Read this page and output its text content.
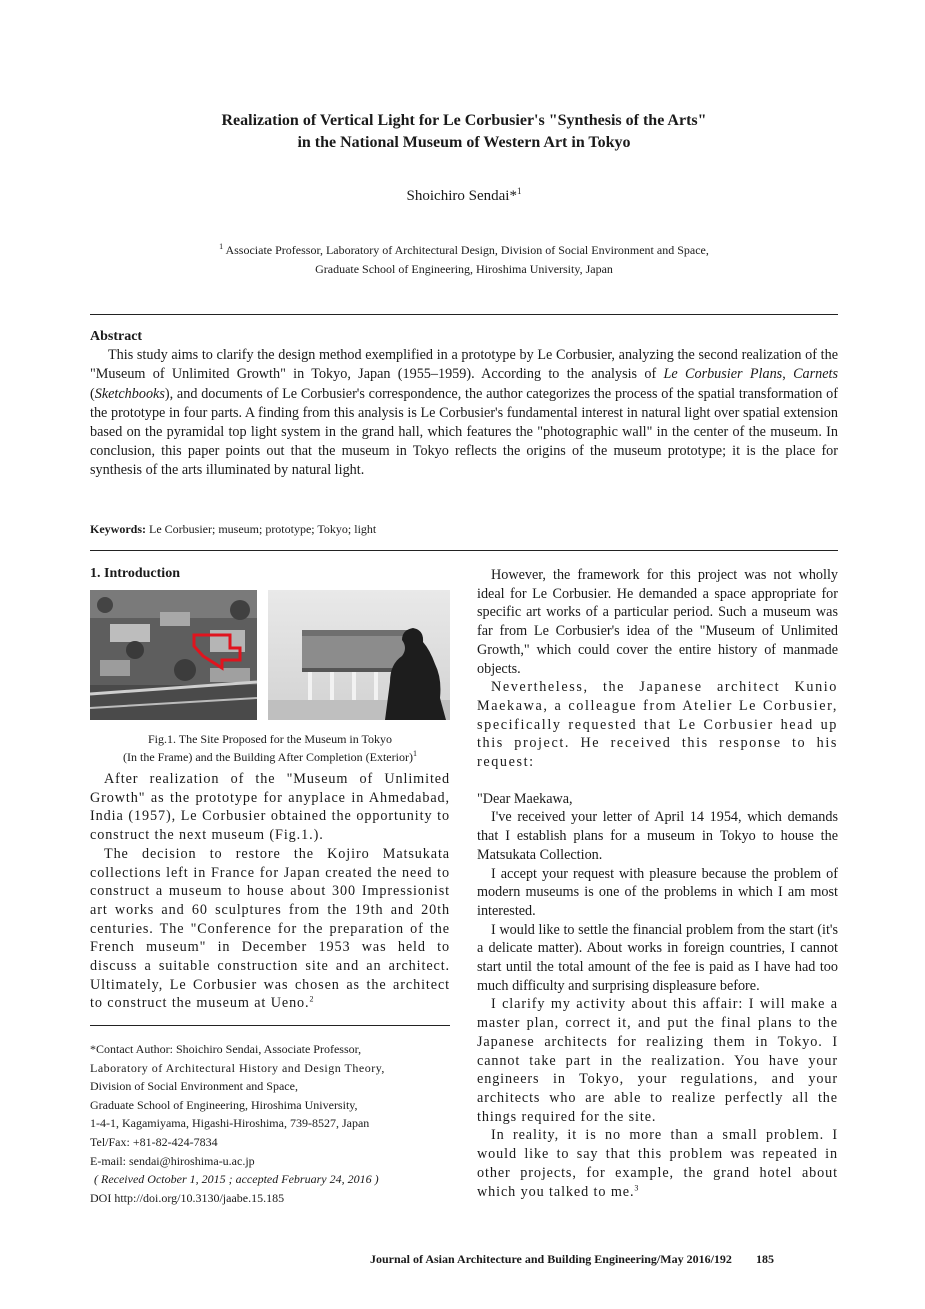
Realization of Vertical Light for Le Corbusier's "Synthesis of the Arts"
in the National Museum of Western Art in Tokyo
Shoichiro Sendai*$^1$
$^1$ Associate Professor, Laboratory of Architectural Design, Division of Social Environment and Space,
Graduate School of Engineering, Hiroshima University, Japan
Abstract

This study aims to clarify the design method exemplified in a prototype by Le Corbusier, analyzing the second realization of the "Museum of Unlimited Growth" in Tokyo, Japan (1955–1959). According to the analysis of Le Corbusier Plans, Carnets (Sketchbooks), and documents of Le Corbusier's correspondence, the author categorizes the process of the spatial transformation of the prototype in four parts. A finding from this analysis is Le Corbusier's fundamental interest in natural light over spatial extension based on the pyramidal top light system in the grand hall, which features the "photographic wall" in the center of the museum. In conclusion, this paper points out that the museum in Tokyo reflects the origins of the museum prototype; it is the place for synthesis of the arts illuminated by natural light.

Keywords: Le Corbusier; museum; prototype; Tokyo; light
1. Introduction
Fig.1. The Site Proposed for the Museum in Tokyo
(In the Frame) and the Building After Completion (Exterior)$^1$

After realization of the "Museum of Unlimited Growth" as the prototype for anyplace in Ahmedabad, India (1957), Le Corbusier obtained the opportunity to construct the next museum (Fig.1.).

The decision to restore the Kojiro Matsukata collections left in France for Japan created the need to construct a museum to house about 300 Impressionist art works and 60 sculptures from the 19th and 20th centuries. The "Conference for the preparation of the French museum" in December 1953 was held to discuss a suitable construction site and an architect. Ultimately, Le Corbusier was chosen as the architect to construct the museum at Ueno.$^2$

*Contact Author: Shoichiro Sendai, Associate Professor,
Laboratory of Architectural History and Design Theory,
Division of Social Environment and Space,
Graduate School of Engineering, Hiroshima University,
1-4-1, Kagamiyama, Higashi-Hiroshima, 739-8527, Japan
Tel/Fax: +81-82-424-7834
E-mail: sendai@hiroshima-u.ac.jp
( Received October 1, 2015 ; accepted February 24, 2016 )
DOI http://doi.org/10.3130/jaabe.15.185

However, the framework for this project was not wholly ideal for Le Corbusier. He demanded a space appropriate for specific art works of a particular period. Such a museum was far from Le Corbusier's idea of the "Museum of Unlimited Growth," which could cover the entire history of manmade objects.

Nevertheless, the Japanese architect Kunio Maekawa, a colleague from Atelier Le Corbusier, specifically requested that Le Corbusier head up this project. He received this response to his request:

"Dear Maekawa,

I've received your letter of April 14 1954, which demands that I establish plans for a museum in Tokyo to house the Matsukata Collection.

I accept your request with pleasure because the problem of modern museums is one of the problems in which I am most interested.

I would like to settle the financial problem from the start (it's a delicate matter). About works in foreign countries, I cannot start until the total amount of the fee is paid as I have had too much difficulty and surprising displeasure before.

I clarify my activity about this affair: I will make a master plan, correct it, and put the final plans to the Japanese architects for realizing them in Tokyo. I cannot take part in the realization. You have your engineers in Tokyo, your regulations, and your architects who are able to realize perfectly all the things required for the site.

In reality, it is no more than a small problem. I would like to say that this problem was repeated in other projects, for example, the grand hotel about which you talked to me.$^3$

Journal of Asian Architecture and Building Engineering/May 2016/192 185
